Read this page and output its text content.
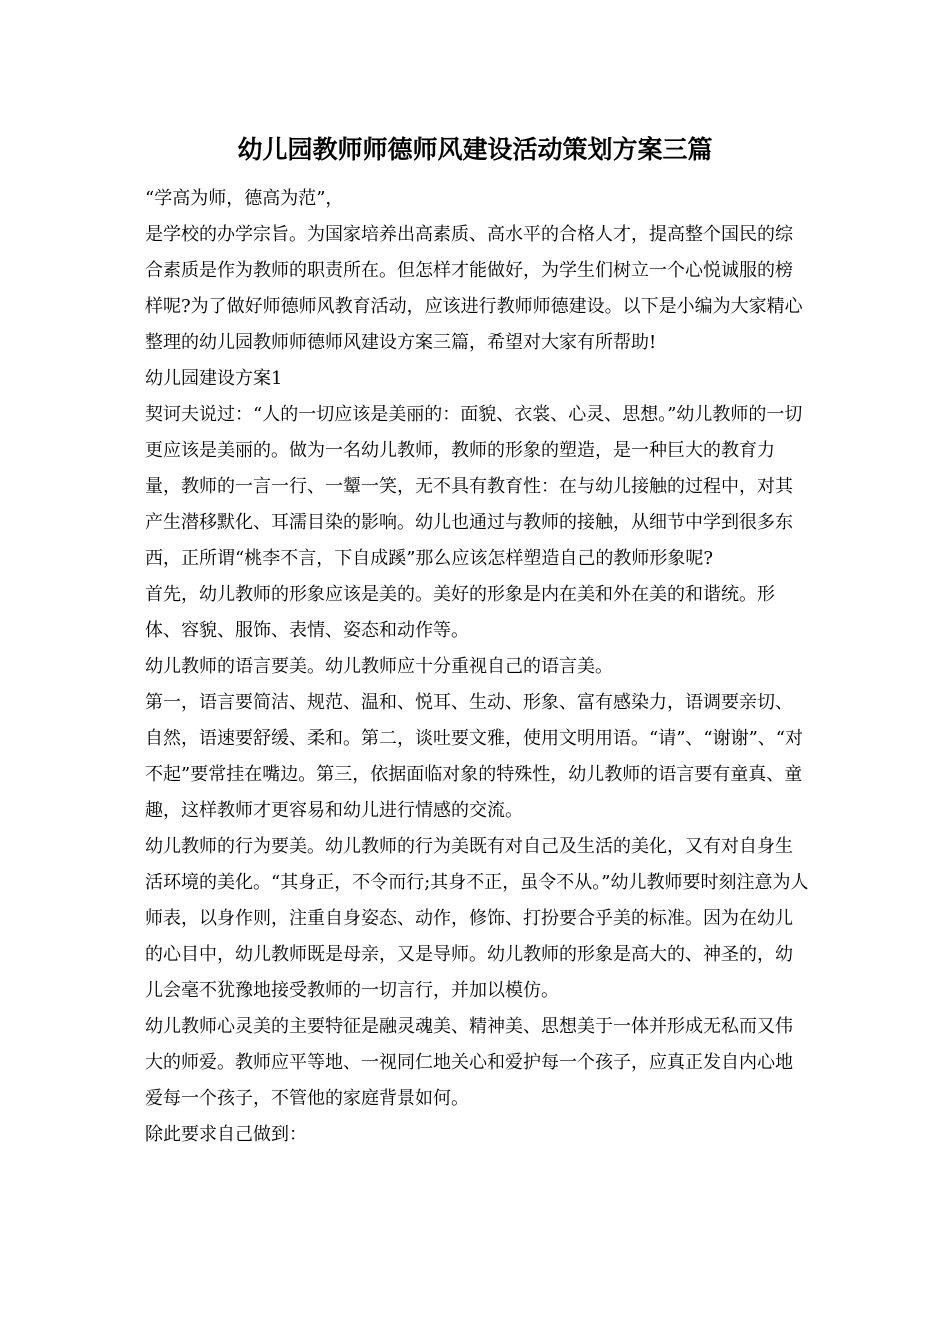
幼儿园教师师德师风建设活动策划方案三篇

“学高为师，德高为范”，

是学校的办学宗旨。为国家培养出高素质、高水平的合格人才，提高整个国民的综合素质是作为教师的职责所在。但怎样才能做好，为学生们树立一个心悦诚服的榜样呢?为了做好师德师风教育活动，应该进行教师师德建设。以下是小编为大家精心整理的幼儿园教师师德师风建设方案三篇，希望对大家有所帮助!

幼儿园建设方案1

契诃夫说过：“人的一切应该是美丽的：面貌、衣裳、心灵、思想。”幼儿教师的一切更应该是美丽的。做为一名幼儿教师，教师的形象的塑造，是一种巨大的教育力量，教师的一言一行、一颦一笑，无不具有教育性：在与幼儿接触的过程中，对其产生潜移默化、耳濡目染的影响。幼儿也通过与教师的接触，从细节中学到很多东西，正所谓“桃李不言，下自成蹊”那么应该怎样塑造自己的教师形象呢?

首先，幼儿教师的形象应该是美的。美好的形象是内在美和外在美的和谐统。形体、容貌、服饰、表情、姿态和动作等。

幼儿教师的语言要美。幼儿教师应十分重视自己的语言美。

第一，语言要简洁、规范、温和、悦耳、生动、形象、富有感染力，语调要亲切、自然，语速要舒缓、柔和。第二，谈吐要文雅，使用文明用语。“请”、“谢谢”、“对不起”要常挂在嘴边。第三，依据面临对象的特殊性，幼儿教师的语言要有童真、童趣，这样教师才更容易和幼儿进行情感的交流。

幼儿教师的行为要美。幼儿教师的行为美既有对自己及生活的美化，又有对自身生活环境的美化。“其身正，不令而行;其身不正，虽令不从。”幼儿教师要时刻注意为人师表，以身作则，注重自身姿态、动作，修饰、打扮要合乎美的标准。因为在幼儿的心目中，幼儿教师既是母亲，又是导师。幼儿教师的形象是高大的、神圣的，幼儿会毫不犹豫地接受教师的一切言行，并加以模仿。

幼儿教师心灵美的主要特征是融灵魂美、精神美、思想美于一体并形成无私而又伟大的师爱。教师应平等地、一视同仁地关心和爱护每一个孩子，应真正发自内心地爱每一个孩子，不管他的家庭背景如何。

除此要求自己做到：
